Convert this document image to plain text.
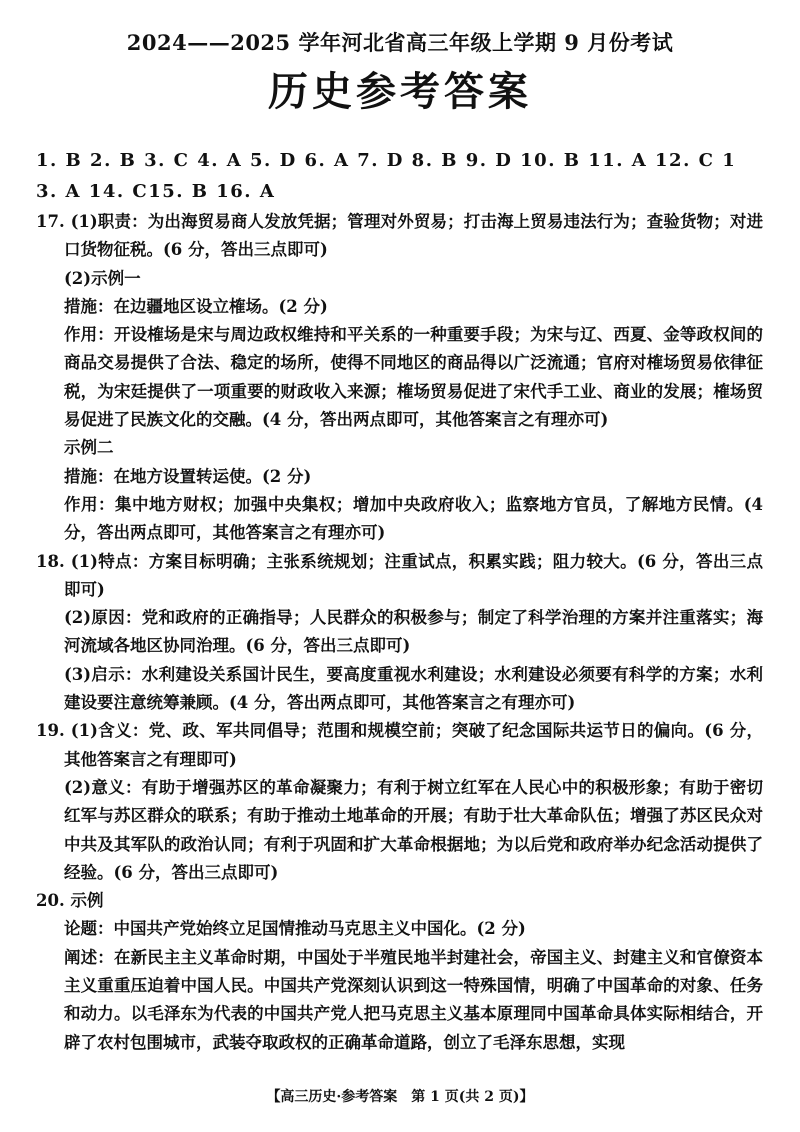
2024——2025 学年河北省高三年级上学期 9 月份考试
历史参考答案
1. B 2. B 3. C 4. A 5. D 6. A 7. D 8. B 9. D 10. B 11. A 12. C 13. A 14. C15. B 16. A

17. (1)职责：为出海贸易商人发放凭据；管理对外贸易；打击海上贸易违法行为；查验货物；对进口货物征税。(6 分，答出三点即可)

(2)示例一

措施：在边疆地区设立榷场。(2 分)

作用：开设榷场是宋与周边政权维持和平关系的一种重要手段；为宋与辽、西夏、金等政权间的商品交易提供了合法、稳定的场所，使得不同地区的商品得以广泛流通；官府对榷场贸易依律征税，为宋廷提供了一项重要的财政收入来源；榷场贸易促进了宋代手工业、商业的发展；榷场贸易促进了民族文化的交融。(4 分，答出两点即可，其他答案言之有理亦可)

示例二

措施：在地方设置转运使。(2 分)

作用：集中地方财权；加强中央集权；增加中央政府收入；监察地方官员，了解地方民情。(4 分，答出两点即可，其他答案言之有理亦可)

18. (1)特点：方案目标明确；主张系统规划；注重试点，积累实践；阻力较大。(6 分，答出三点即可)

(2)原因：党和政府的正确指导；人民群众的积极参与；制定了科学治理的方案并注重落实；海河流域各地区协同治理。(6 分，答出三点即可)

(3)启示：水利建设关系国计民生，要高度重视水利建设；水利建设必须要有科学的方案；水利建设要注意统筹兼顾。(4 分，答出两点即可，其他答案言之有理亦可)

19. (1)含义：党、政、军共同倡导；范围和规模空前；突破了纪念国际共运节日的偏向。(6 分，其他答案言之有理即可)

(2)意义：有助于增强苏区的革命凝聚力；有利于树立红军在人民心中的积极形象；有助于密切红军与苏区群众的联系；有助于推动土地革命的开展；有助于壮大革命队伍；增强了苏区民众对中共及其军队的政治认同；有利于巩固和扩大革命根据地；为以后党和政府举办纪念活动提供了经验。(6 分，答出三点即可)

20. 示例

论题：中国共产党始终立足国情推动马克思主义中国化。(2 分)

阐述：在新民主主义革命时期，中国处于半殖民地半封建社会，帝国主义、封建主义和官僚资本主义重重压迫着中国人民。中国共产党深刻认识到这一特殊国情，明确了中国革命的对象、任务和动力。以毛泽东为代表的中国共产党人把马克思主义基本原理同中国革命具体实际相结合，开辟了农村包围城市，武装夺取政权的正确革命道路，创立了毛泽东思想，实现

【高三历史·参考答案　第 1 页(共 2 页)】
